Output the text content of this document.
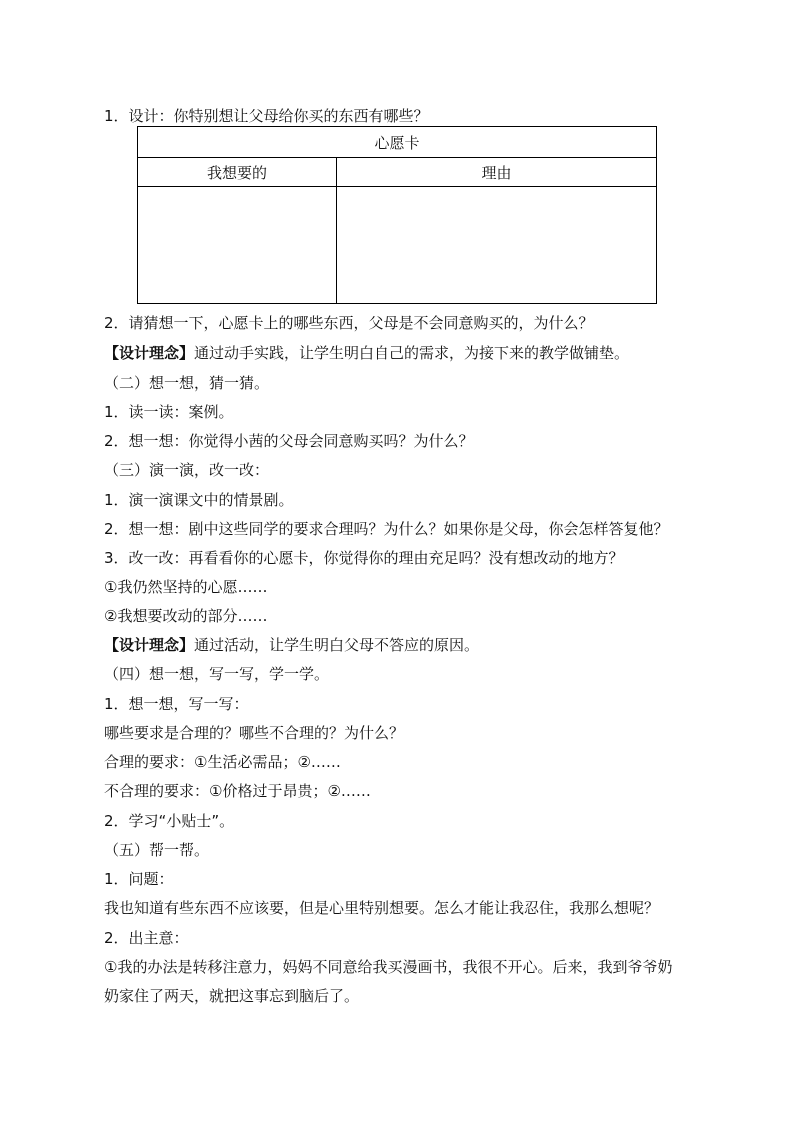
1．设计：你特别想让父母给你买的东西有哪些？
心愿卡	
我想要的	理由

2．请猜想一下，心愿卡上的哪些东西，父母是不会同意购买的，为什么？
【设计理念】通过动手实践，让学生明白自己的需求，为接下来的教学做铺垫。
（二）想一想，猜一猜。
1．读一读：案例。
2．想一想：你觉得小茜的父母会同意购买吗？为什么？
（三）演一演，改一改：
1．演一演课文中的情景剧。
2．想一想：剧中这些同学的要求合理吗？为什么？如果你是父母，你会怎样答复他？
3．改一改：再看看你的心愿卡，你觉得你的理由充足吗？没有想改动的地方？
①我仍然坚持的心愿……
②我想要改动的部分……
【设计理念】通过活动，让学生明白父母不答应的原因。
（四）想一想，写一写，学一学。
1．想一想，写一写：
哪些要求是合理的？哪些不合理的？为什么？
合理的要求：①生活必需品；②……
不合理的要求：①价格过于昂贵；②……
2．学习“小贴士”。
（五）帮一帮。
1．问题：
我也知道有些东西不应该要，但是心里特别想要。怎么才能让我忍住，我那么想呢？
2．出主意：
①我的办法是转移注意力，妈妈不同意给我买漫画书，我很不开心。后来，我到爷爷奶
奶家住了两天，就把这事忘到脑后了。
